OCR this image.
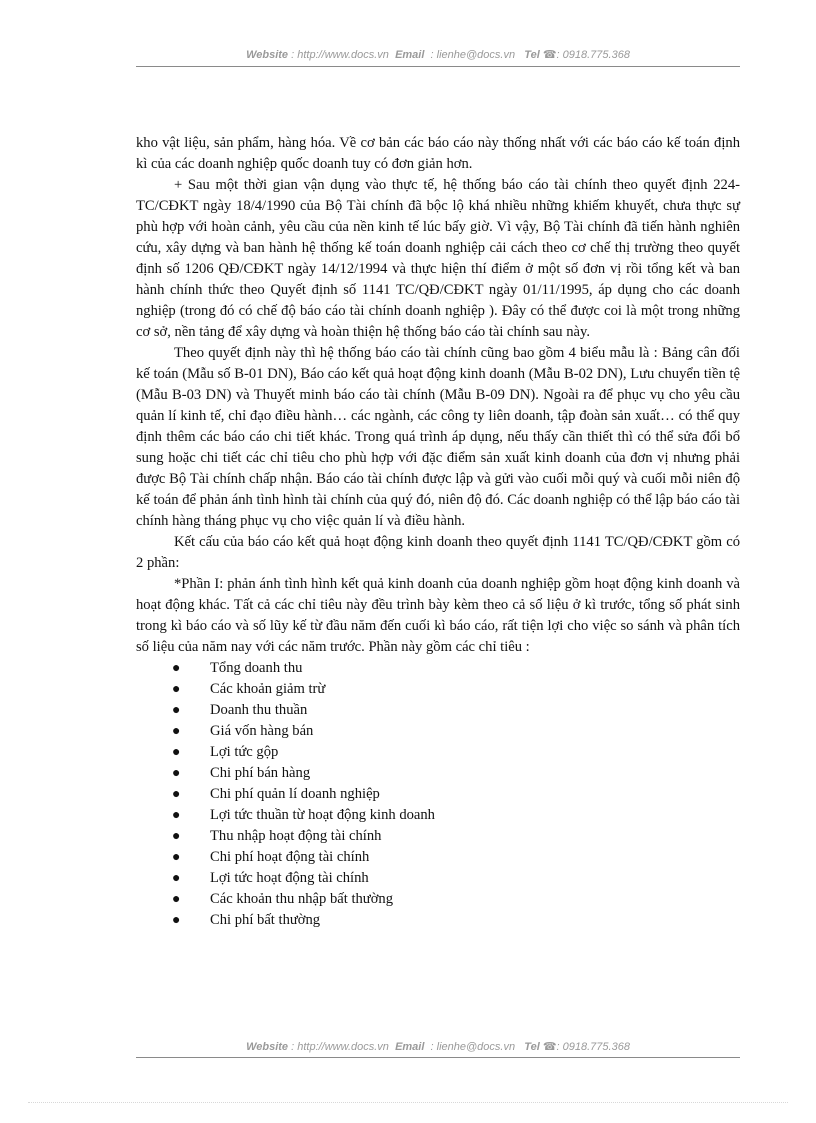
Website : http://www.docs.vn Email : lienhe@docs.vn Tel ☎: 0918.775.368

kho vật liệu, sản phẩm, hàng hóa. Về cơ bản các báo cáo này thống nhất với các báo cáo kế toán định kì của các doanh nghiệp quốc doanh tuy có đơn giản hơn.

+ Sau một thời gian vận dụng vào thực tế, hệ thống báo cáo tài chính theo quyết định 224-TC/CĐKT ngày 18/4/1990 của Bộ Tài chính đã bộc lộ khá nhiều những khiếm khuyết, chưa thực sự phù hợp với hoàn cảnh, yêu cầu của nền kinh tế lúc bấy giờ. Vì vậy, Bộ Tài chính đã tiến hành nghiên cứu, xây dựng và ban hành hệ thống kế toán doanh nghiệp cải cách theo cơ chế thị trường theo quyết định số 1206 QĐ/CĐKT ngày 14/12/1994 và thực hiện thí điểm ở một số đơn vị rồi tổng kết và ban hành chính thức theo Quyết định số 1141 TC/QĐ/CĐKT ngày 01/11/1995, áp dụng cho các doanh nghiệp (trong đó có chế độ báo cáo tài chính doanh nghiệp ). Đây có thể được coi là một trong những cơ sở, nền tảng để xây dựng và hoàn thiện hệ thống báo cáo tài chính sau này.

Theo quyết định này thì hệ thống báo cáo tài chính cũng bao gồm 4 biểu mẫu là : Bảng cân đối kế toán (Mẫu số B-01 DN), Báo cáo kết quả hoạt động kinh doanh (Mẫu B-02 DN), Lưu chuyển tiền tệ (Mẫu B-03 DN) và Thuyết minh báo cáo tài chính (Mẫu B-09 DN). Ngoài ra để phục vụ cho yêu cầu quản lí kinh tế, chỉ đạo điều hành… các ngành, các công ty liên doanh, tập đoàn sản xuất… có thể quy định thêm các báo cáo chi tiết khác. Trong quá trình áp dụng, nếu thấy cần thiết thì có thể sửa đổi bổ sung hoặc chi tiết các chỉ tiêu cho phù hợp với đặc điểm sản xuất kinh doanh của đơn vị nhưng phải được Bộ Tài chính chấp nhận. Báo cáo tài chính được lập và gửi vào cuối mỗi quý và cuối mỗi niên độ kế toán để phản ánh tình hình tài chính của quý đó, niên độ đó. Các doanh nghiệp có thể lập báo cáo tài chính hàng tháng phục vụ cho việc quản lí và điều hành.

Kết cấu của báo cáo kết quả hoạt động kinh doanh theo quyết định 1141 TC/QĐ/CĐKT gồm có 2 phần:

*Phần I: phản ánh tình hình kết quả kinh doanh của doanh nghiệp gồm hoạt động kinh doanh và hoạt động khác. Tất cả các chỉ tiêu này đều trình bày kèm theo cả số liệu ở kì trước, tổng số phát sinh trong kì báo cáo và số lũy kế từ đầu năm đến cuối kì báo cáo, rất tiện lợi cho việc so sánh và phân tích số liệu của năm nay với các năm trước. Phần này gồm các chỉ tiêu :

● Tổng doanh thu
● Các khoản giảm trừ
● Doanh thu thuần
● Giá vốn hàng bán
● Lợi tức gộp
● Chi phí bán hàng
● Chi phí quản lí doanh nghiệp
● Lợi tức thuần từ hoạt động kinh doanh
● Thu nhập hoạt động tài chính
● Chi phí hoạt động tài chính
● Lợi tức hoạt động tài chính
● Các khoản thu nhập bất thường
● Chi phí bất thường
Website : http://www.docs.vn Email : lienhe@docs.vn Tel ☎: 0918.775.368
